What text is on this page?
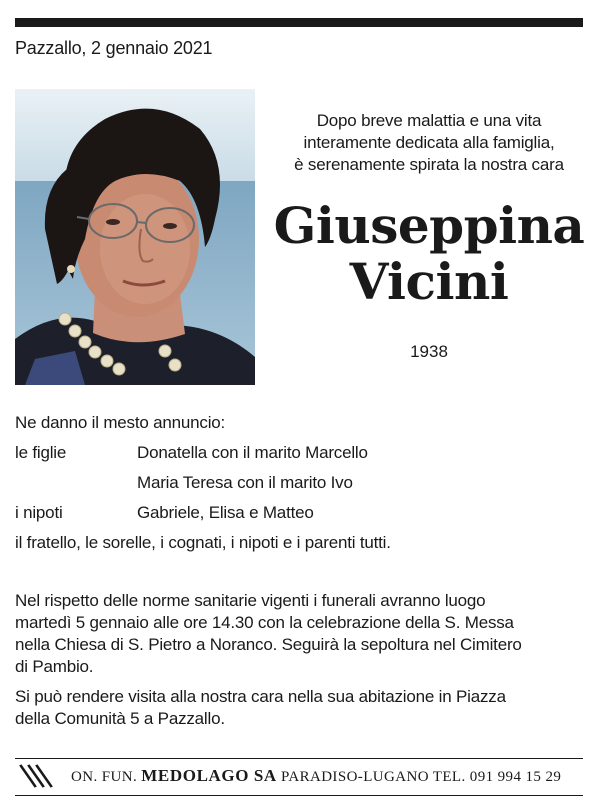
Pazzallo, 2 gennaio 2021
Dopo breve malattia e una vita
interamente dedicata alla famiglia,
è serenamente spirata la nostra cara
Giuseppina
Vicini
1938
Ne danno il mesto annuncio:
le figlie	Donatella con il marito Marcello
Maria Teresa con il marito Ivo
i nipoti	Gabriele, Elisa e Matteo
il fratello, le sorelle, i cognati, i nipoti e i parenti tutti.
Nel rispetto delle norme sanitarie vigenti i funerali avranno luogo
martedì 5 gennaio alle ore 14.30 con la celebrazione della S. Messa
nella Chiesa di S. Pietro a Noranco. Seguirà la sepoltura nel Cimitero
di Pambio.
Si può rendere visita alla nostra cara nella sua abitazione in Piazza
della Comunità 5 a Pazzallo.
ON. FUN. MEDOLAGO SA PARADISO-LUGANO TEL. 091 994 15 29
